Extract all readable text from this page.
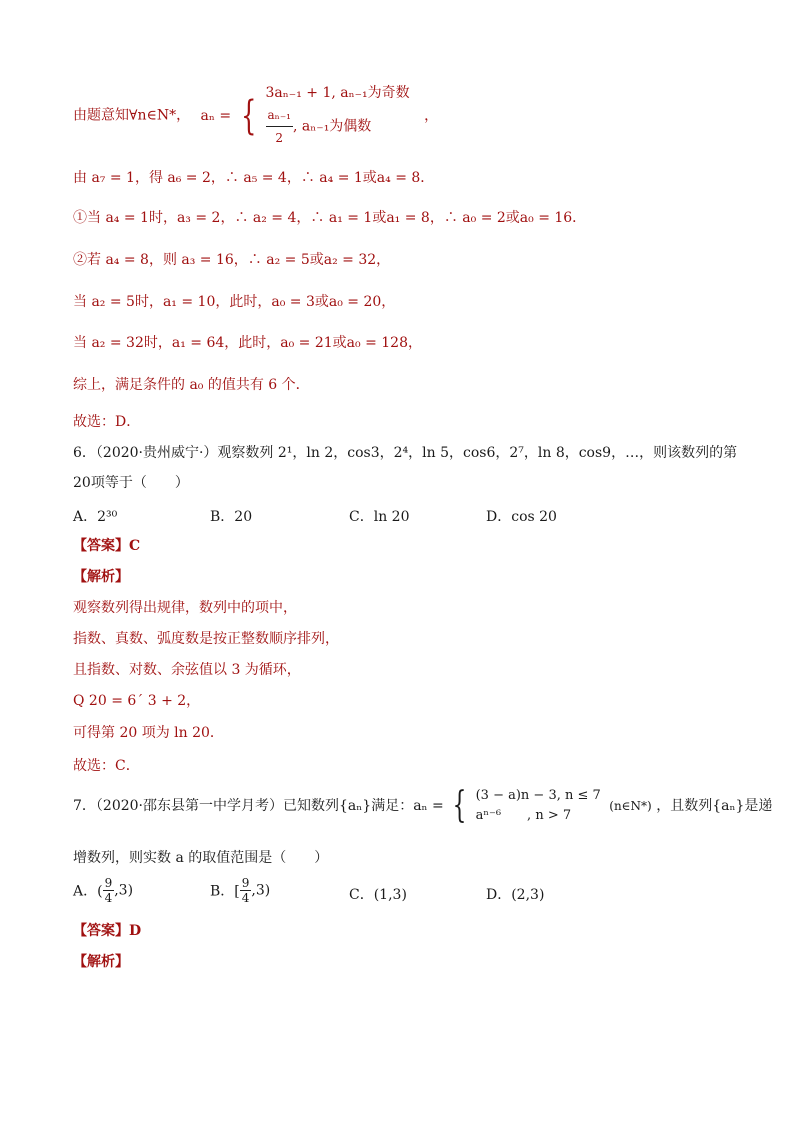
由题意知∀n∈N*， aₙ = { 3aₙ₋₁ + 1, aₙ₋₁为奇数
$\frac{\text{aₙ₋₁}}{2}$ , aₙ₋₁为偶数
，
由 a₇ = 1，得 a₆ = 2，∴ a₅ = 4，∴ a₄ = 1或a₄ = 8．
①当 a₄ = 1时，a₃ = 2，∴ a₂ = 4，∴ a₁ = 1或a₁ = 8，∴ a₀ = 2或a₀ = 16．
②若 a₄ = 8，则 a₃ = 16，∴ a₂ = 5或a₂ = 32，
当 a₂ = 5时，a₁ = 10，此时，a₀ = 3或a₀ = 20，
当 a₂ = 32时，a₁ = 64，此时，a₀ = 21或a₀ = 128，
综上，满足条件的 a₀ 的值共有 6 个．
故选：D．
6．（2020·贵州威宁·）观察数列 2¹，ln 2，cos3，2⁴，ln 5，cos6，2⁷，ln 8，cos9，…，则该数列的第
20项等于（　　）
A．2³⁰	B．20	C．ln 20	D．cos 20
【答案】C
【解析】
观察数列得出规律，数列中的项中，
指数、真数、弧度数是按正整数顺序排列，
且指数、对数、余弦值以 3 为循环，
Q 20 = 6´ 3 + 2，
可得第 20 项为 ln 20．
故选：C．
7．（2020·邵东县第一中学月考）已知数列{aₙ}满足：aₙ = { (3 − a)n − 3, n ≤ 7
aⁿ⁻⁶　　, n > 7
(n∈N*) ，且数列{aₙ}是递
增数列，则实数 a 的取值范围是（　　）
A．( $\frac{9}{4} ,3$)	B．[ $\frac{9}{4} ,3$)	C．(1,3)	D．(2,3)
【答案】D
【解析】
